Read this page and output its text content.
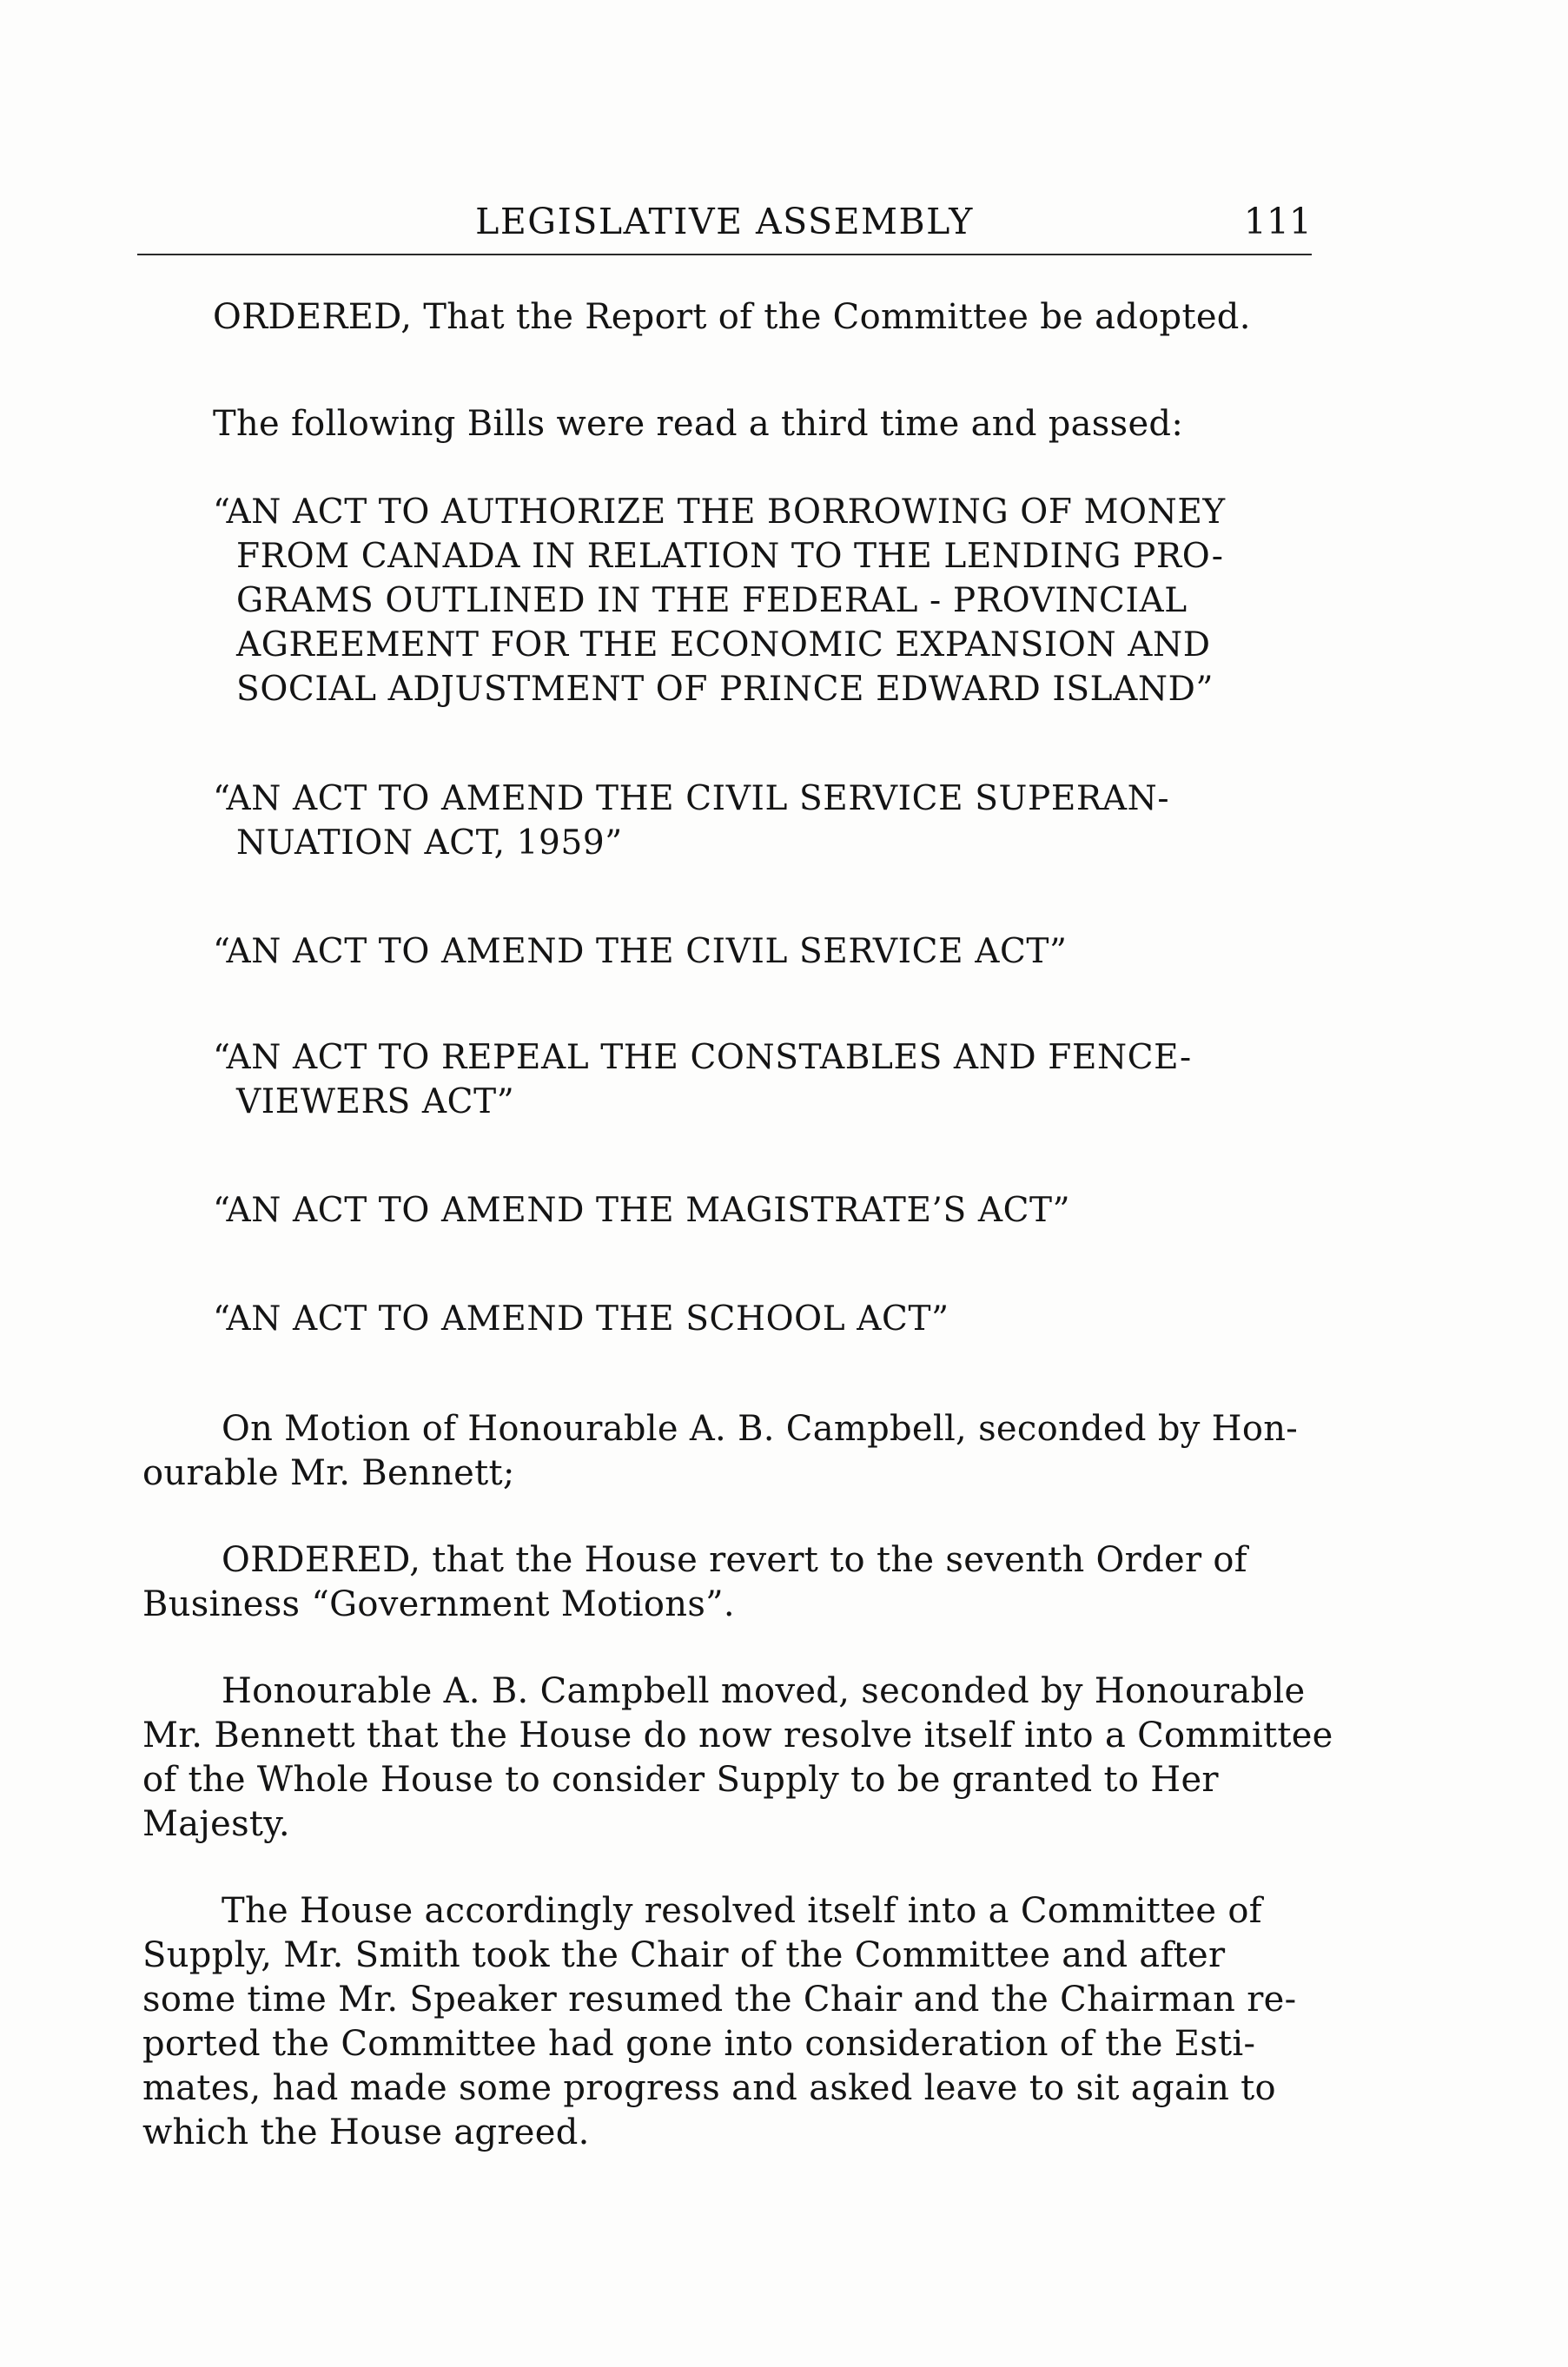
LEGISLATIVE ASSEMBLY	111

ORDERED, That the Report of the Committee be adopted.

The following Bills were read a third time and passed:

“AN ACT TO AUTHORIZE THE BORROWING OF MONEY

FROM CANADA IN RELATION TO THE LENDING PRO-

GRAMS OUTLINED IN THE FEDERAL - PROVINCIAL

AGREEMENT FOR THE ECONOMIC EXPANSION AND

SOCIAL ADJUSTMENT OF PRINCE EDWARD ISLAND”

“AN ACT TO AMEND THE CIVIL SERVICE SUPERAN-

NUATION ACT, 1959”

“AN ACT TO AMEND THE CIVIL SERVICE ACT”

“AN ACT TO REPEAL THE CONSTABLES AND FENCE-

VIEWERS ACT”

“AN ACT TO AMEND THE MAGISTRATE’S ACT”

“AN ACT TO AMEND THE SCHOOL ACT”

On Motion of Honourable A. B. Campbell, seconded by Hon-

ourable Mr. Bennett;

ORDERED, that the House revert to the seventh Order of

Business “Government Motions”.

Honourable A. B. Campbell moved, seconded by Honourable

Mr. Bennett that the House do now resolve itself into a Committee

of the Whole House to consider Supply to be granted to Her

Majesty.

The House accordingly resolved itself into a Committee of

Supply, Mr. Smith took the Chair of the Committee and after

some time Mr. Speaker resumed the Chair and the Chairman re-

ported the Committee had gone into consideration of the Esti-

mates, had made some progress and asked leave to sit again to

which the House agreed.
